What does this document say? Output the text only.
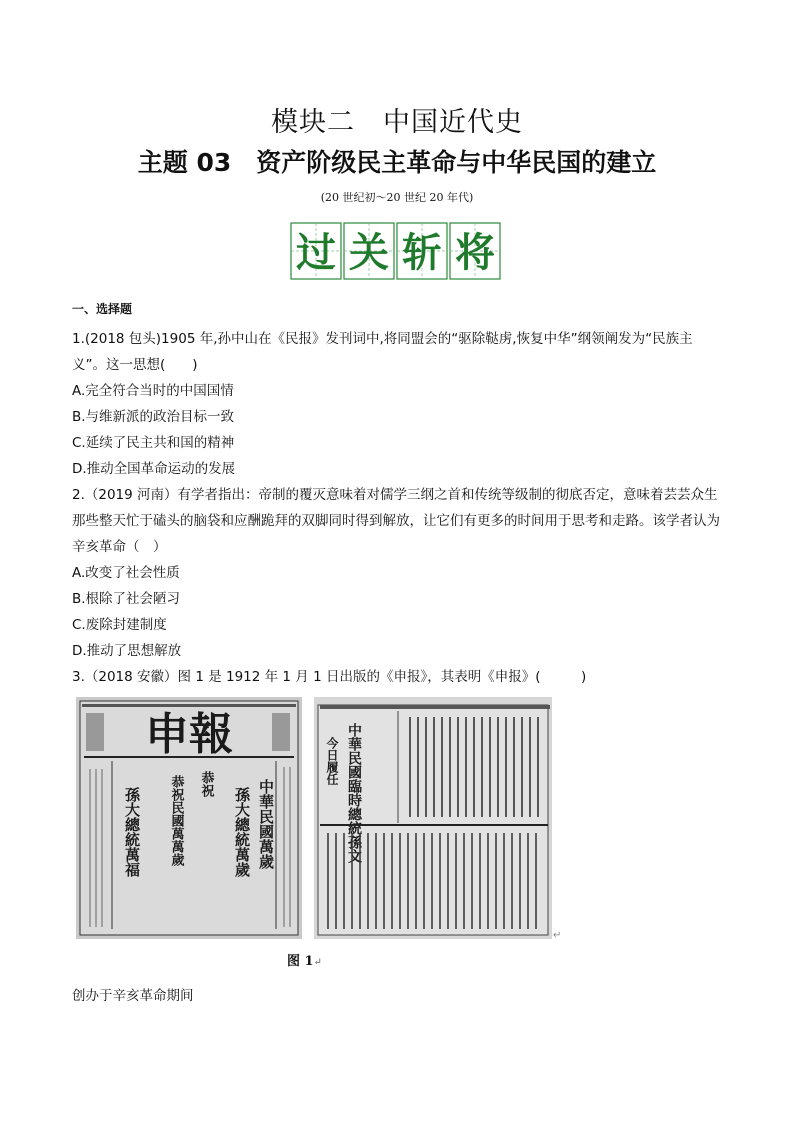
模块二　中国近代史
主题 03　资产阶级民主革命与中华民国的建立
(20 世纪初～20 世纪 20 年代)
过 关 斩 将
一、选择题
1.(2018 包头)1905 年,孙中山在《民报》发刊词中,将同盟会的“驱除鞑虏,恢复中华”纲领阐发为“民族主
义”。这一思想(　　)
A.完全符合当时的中国国情
B.与维新派的政治目标一致
C.延续了民主共和国的精神
D.推动全国革命运动的发展
2.（2019 河南）有学者指出：帝制的覆灭意味着对儒学三纲之首和传统等级制的彻底否定，意味着芸芸众生那些整天忙于磕头的脑袋和应酬跪拜的双脚同时得到解放，让它们有更多的时间用于思考和走路。该学者认为辛亥革命（　）
A.改变了社会性质
B.根除了社会陋习
C.废除封建制度
D.推动了思想解放
3.（2018 安徽）图 1 是 1912 年 1 月 1 日出版的《申报》，其表明《申报》(　　　)
申報
中華民國萬歲
孫大總統萬歲
恭祝
孫大總統萬福 恭祝民國萬萬歲	中華民國臨時總統孫文
今日履任
↵
图 1↵
创办于辛亥革命期间
